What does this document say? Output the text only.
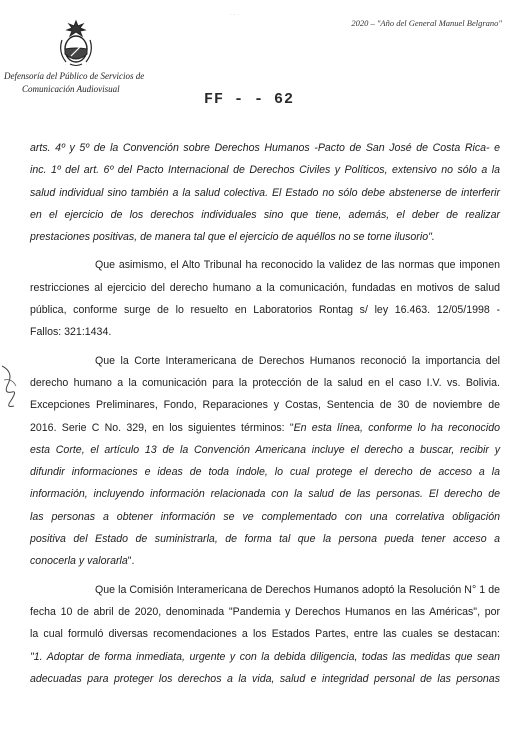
· · ·
Defensoría del Público de Servicios de
Comunicación Audiovisual
2020 – "Año del General Manuel Belgrano"
FF - - 62

arts. 4º y 5º de la Convención sobre Derechos Humanos -Pacto de San José de Costa Rica- e
inc. 1º del art. 6º del Pacto Internacional de Derechos Civiles y Políticos, extensivo no sólo a la
salud individual sino también a la salud colectiva. El Estado no sólo debe abstenerse de interferir
en el ejercicio de los derechos individuales sino que tiene, además, el deber de realizar
prestaciones positivas, de manera tal que el ejercicio de aquéllos no se torne ilusorio".

Que asimismo, el Alto Tribunal ha reconocido la validez de las normas que imponen
restricciones al ejercicio del derecho humano a la comunicación, fundadas en motivos de salud
pública, conforme surge de lo resuelto en Laboratorios Rontag s/ ley 16.463. 12/05/1998 -
Fallos: 321:1434.

Que la Corte Interamericana de Derechos Humanos reconoció la importancia del
derecho humano a la comunicación para la protección de la salud en el caso I.V. vs. Bolivia.
Excepciones Preliminares, Fondo, Reparaciones y Costas, Sentencia de 30 de noviembre de
2016. Serie C No. 329, en los siguientes términos: "En esta línea, conforme lo ha reconocido
esta Corte, el artículo 13 de la Convención Americana incluye el derecho a buscar, recibir y
difundir informaciones e ideas de toda índole, lo cual protege el derecho de acceso a la
información, incluyendo información relacionada con la salud de las personas. El derecho de
las personas a obtener información se ve complementado con una correlativa obligación
positiva del Estado de suministrarla, de forma tal que la persona pueda tener acceso a
conocerla y valorarla".

Que la Comisión Interamericana de Derechos Humanos adoptó la Resolución N° 1 de
fecha 10 de abril de 2020, denominada "Pandemia y Derechos Humanos en las Américas", por
la cual formuló diversas recomendaciones a los Estados Partes, entre las cuales se destacan:
"1. Adoptar de forma inmediata, urgente y con la debida diligencia, todas las medidas que sean
adecuadas para proteger los derechos a la vida, salud e integridad personal de las personas
